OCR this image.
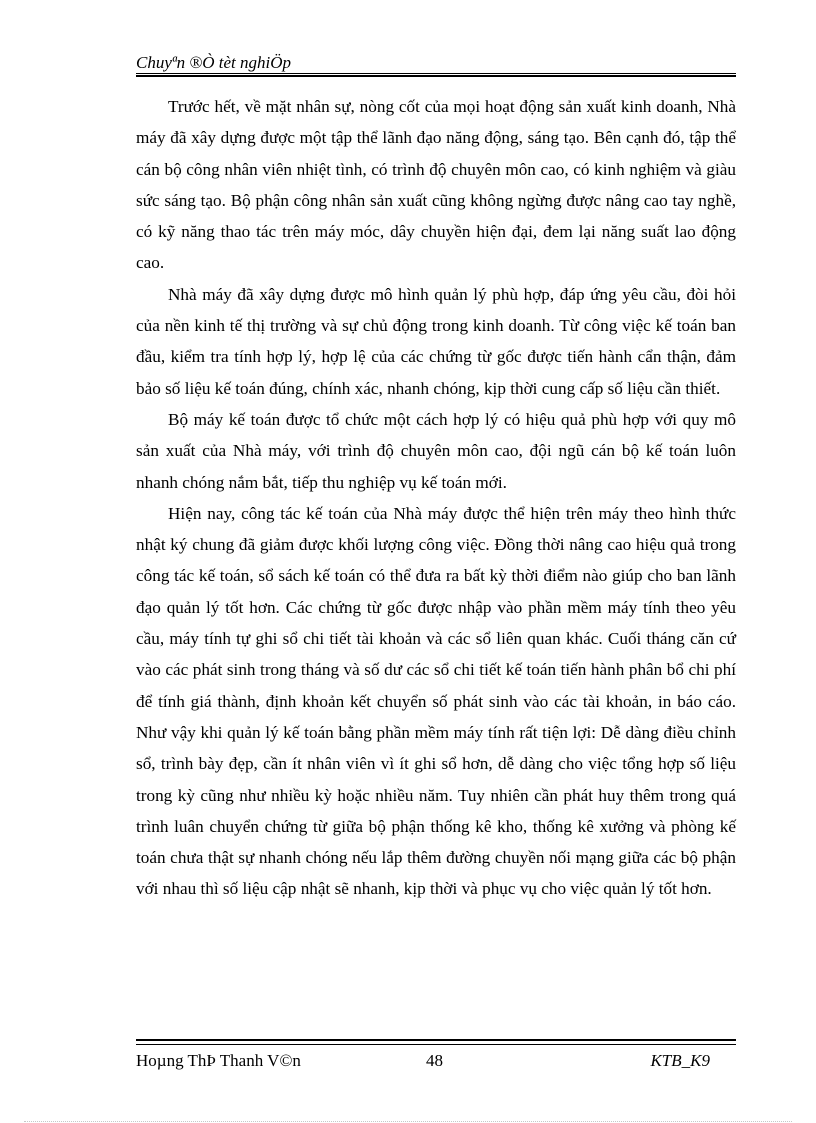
Chuyªn ®Ò tèt nghiÖp

Trước hết, về mặt nhân sự, nòng cốt của mọi hoạt động sản xuất kinh doanh, Nhà máy đã xây dựng được một tập thể lãnh đạo năng động, sáng tạo. Bên cạnh đó, tập thể cán bộ công nhân viên nhiệt tình, có trình độ chuyên môn cao, có kinh nghiệm và giàu sức sáng tạo. Bộ phận công nhân sản xuất cũng không ngừng được nâng cao tay nghề, có kỹ năng thao tác trên máy móc, dây chuyền hiện đại, đem lại năng suất lao động cao.

Nhà máy đã xây dựng được mô hình quản lý phù hợp, đáp ứng yêu cầu, đòi hỏi của nền kinh tế thị trường và sự chủ động trong kinh doanh. Từ công việc kế toán ban đầu, kiểm tra tính hợp lý, hợp lệ của các chứng từ gốc được tiến hành cẩn thận, đảm bảo số liệu kế toán đúng, chính xác, nhanh chóng, kịp thời cung cấp số liệu cần thiết.

Bộ máy kế toán được tổ chức một cách hợp lý có hiệu quả phù hợp với quy mô sản xuất của Nhà máy, với trình độ chuyên môn cao, đội ngũ cán bộ kế toán luôn nhanh chóng nắm bắt, tiếp thu nghiệp vụ kế toán mới.

Hiện nay, công tác kế toán của Nhà máy được thể hiện trên máy theo hình thức nhật ký chung đã giảm được khối lượng công việc. Đồng thời nâng cao hiệu quả trong công tác kế toán, sổ sách kế toán có thể đưa ra bất kỳ thời điểm nào giúp cho ban lãnh đạo quản lý tốt hơn. Các chứng từ gốc được nhập vào phần mềm máy tính theo yêu cầu, máy tính tự ghi sổ chi tiết tài khoản và các sổ liên quan khác. Cuối tháng căn cứ vào các phát sinh trong tháng và số dư các sổ chi tiết kế toán tiến hành phân bổ chi phí để tính giá thành, định khoản kết chuyển số phát sinh vào các tài khoản, in báo cáo. Như vậy khi quản lý kế toán bằng phần mềm máy tính rất tiện lợi: Dễ dàng điều chỉnh sổ, trình bày đẹp, cần ít nhân viên vì ít ghi sổ hơn, dễ dàng cho việc tổng hợp số liệu trong kỳ cũng như nhiều kỳ hoặc nhiều năm. Tuy nhiên cần phát huy thêm trong quá trình luân chuyển chứng từ giữa bộ phận thống kê kho, thống kê xưởng và phòng kế toán chưa thật sự nhanh chóng nếu lắp thêm đường chuyền nối mạng giữa các bộ phận với nhau thì số liệu cập nhật sẽ nhanh, kịp thời và phục vụ cho việc quản lý tốt hơn.

Hoµng ThÞ Thanh V©n	48	KTB_K9
